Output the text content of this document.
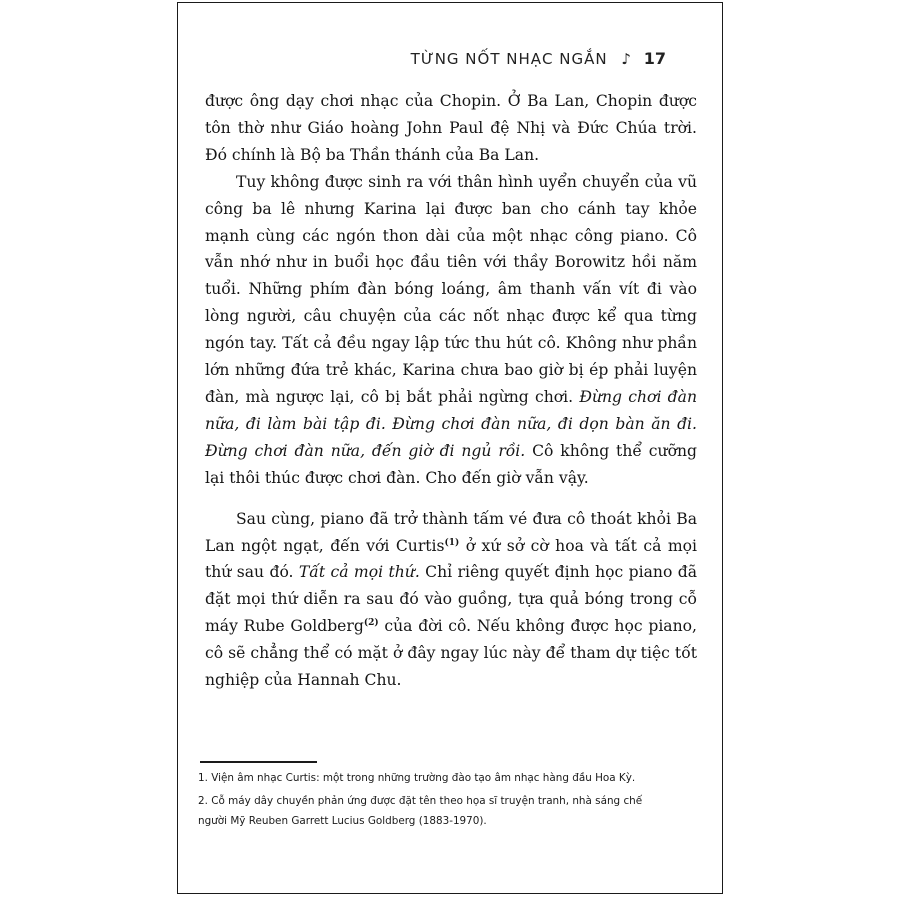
TỪNG NỐT NHẠC NGẮN ♪ 17

được ông dạy chơi nhạc của Chopin. Ở Ba Lan, Chopin được tôn thờ như Giáo hoàng John Paul đệ Nhị và Đức Chúa trời. Đó chính là Bộ ba Thần thánh của Ba Lan.

Tuy không được sinh ra với thân hình uyển chuyển của vũ công ba lê nhưng Karina lại được ban cho cánh tay khỏe mạnh cùng các ngón thon dài của một nhạc công piano. Cô vẫn nhớ như in buổi học đầu tiên với thầy Borowitz hồi năm tuổi. Những phím đàn bóng loáng, âm thanh vấn vít đi vào lòng người, câu chuyện của các nốt nhạc được kể qua từng ngón tay. Tất cả đều ngay lập tức thu hút cô. Không như phần lớn những đứa trẻ khác, Karina chưa bao giờ bị ép phải luyện đàn, mà ngược lại, cô bị bắt phải ngừng chơi. Đừng chơi đàn nữa, đi làm bài tập đi. Đừng chơi đàn nữa, đi dọn bàn ăn đi. Đừng chơi đàn nữa, đến giờ đi ngủ rồi. Cô không thể cưỡng lại thôi thúc được chơi đàn. Cho đến giờ vẫn vậy.

Sau cùng, piano đã trở thành tấm vé đưa cô thoát khỏi Ba Lan ngột ngạt, đến với Curtis$^{(1)}$ ở xứ sở cờ hoa và tất cả mọi thứ sau đó. Tất cả mọi thứ. Chỉ riêng quyết định học piano đã đặt mọi thứ diễn ra sau đó vào guồng, tựa quả bóng trong cỗ máy Rube Goldberg$^{(2)}$ của đời cô. Nếu không được học piano, cô sẽ chẳng thể có mặt ở đây ngay lúc này để tham dự tiệc tốt nghiệp của Hannah Chu.

1. Viện âm nhạc Curtis: một trong những trường đào tạo âm nhạc hàng đầu Hoa Kỳ.

2. Cỗ máy dây chuyền phản ứng được đặt tên theo họa sĩ truyện tranh, nhà sáng chế người Mỹ Reuben Garrett Lucius Goldberg (1883-1970).
